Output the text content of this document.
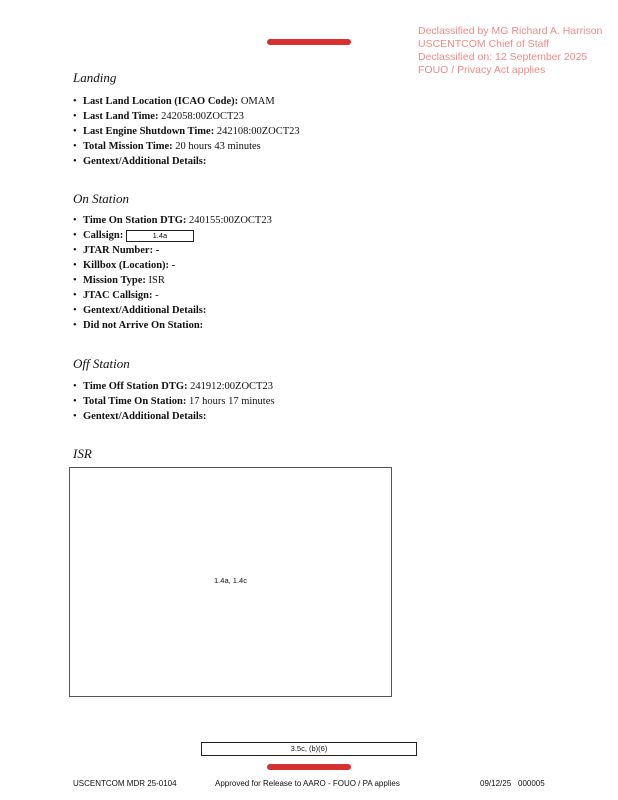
Declassified by MG Richard A. Harrison
USCENTCOM Chief of Staff
Declassified on: 12 September 2025
FOUO / Privacy Act applies
Landing
• Last Land Location (ICAO Code): OMAM
• Last Land Time: 242058:00ZOCT23
• Last Engine Shutdown Time: 242108:00ZOCT23
• Total Mission Time: 20 hours 43 minutes
• Gentext/Additional Details:
On Station
• Time On Station DTG: 240155:00ZOCT23
• Callsign:	1.4a
• JTAR Number: -
• Killbox (Location): -
• Mission Type: ISR
• JTAC Callsign: -
• Gentext/Additional Details:
• Did not Arrive On Station:
Off Station
• Time Off Station DTG: 241912:00ZOCT23
• Total Time On Station: 17 hours 17 minutes
• Gentext/Additional Details:
ISR
1.4a, 1.4c
3.5c, (b)(6)
USCENTCOM MDR 25-0104	Approved for Release to AARO - FOUO / PA applies	09/12/25 000005
